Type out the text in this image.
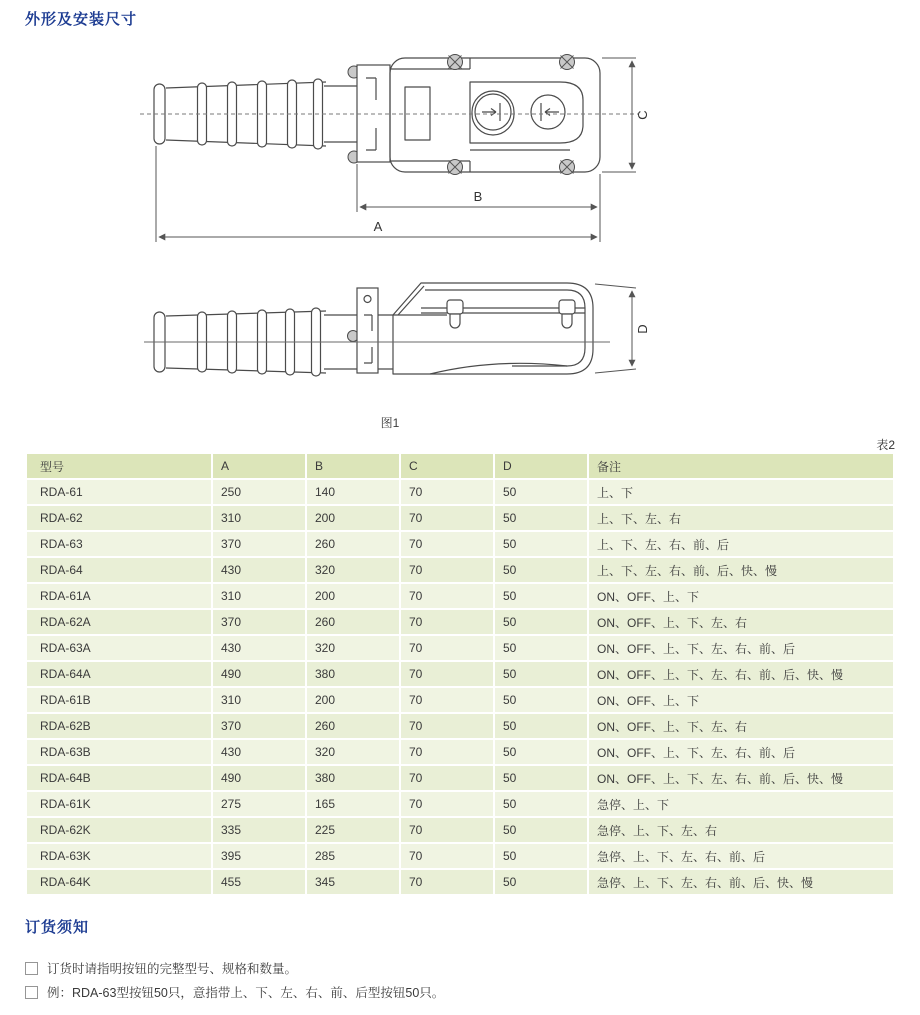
外形及安装尺寸
C
B
A
D
图1
表2
型号	A	B	C	D	备注
RDA-61	250	140	70	50	上、下
RDA-62	310	200	70	50	上、下、左、右
RDA-63	370	260	70	50	上、下、左、右、前、后
RDA-64	430	320	70	50	上、下、左、右、前、后、快、慢
RDA-61A	310	200	70	50	ON、OFF、上、下
RDA-62A	370	260	70	50	ON、OFF、上、下、左、右
RDA-63A	430	320	70	50	ON、OFF、上、下、左、右、前、后
RDA-64A	490	380	70	50	ON、OFF、上、下、左、右、前、后、快、慢
RDA-61B	310	200	70	50	ON、OFF、上、下
RDA-62B	370	260	70	50	ON、OFF、上、下、左、右
RDA-63B	430	320	70	50	ON、OFF、上、下、左、右、前、后
RDA-64B	490	380	70	50	ON、OFF、上、下、左、右、前、后、快、慢
RDA-61K	275	165	70	50	急停、上、下
RDA-62K	335	225	70	50	急停、上、下、左、右
RDA-63K	395	285	70	50	急停、上、下、左、右、前、后
RDA-64K	455	345	70	50	急停、上、下、左、右、前、后、快、慢
订货须知
订货时请指明按钮的完整型号、规格和数量。
例：RDA-63型按钮50只，意指带上、下、左、右、前、后型按钮50只。
